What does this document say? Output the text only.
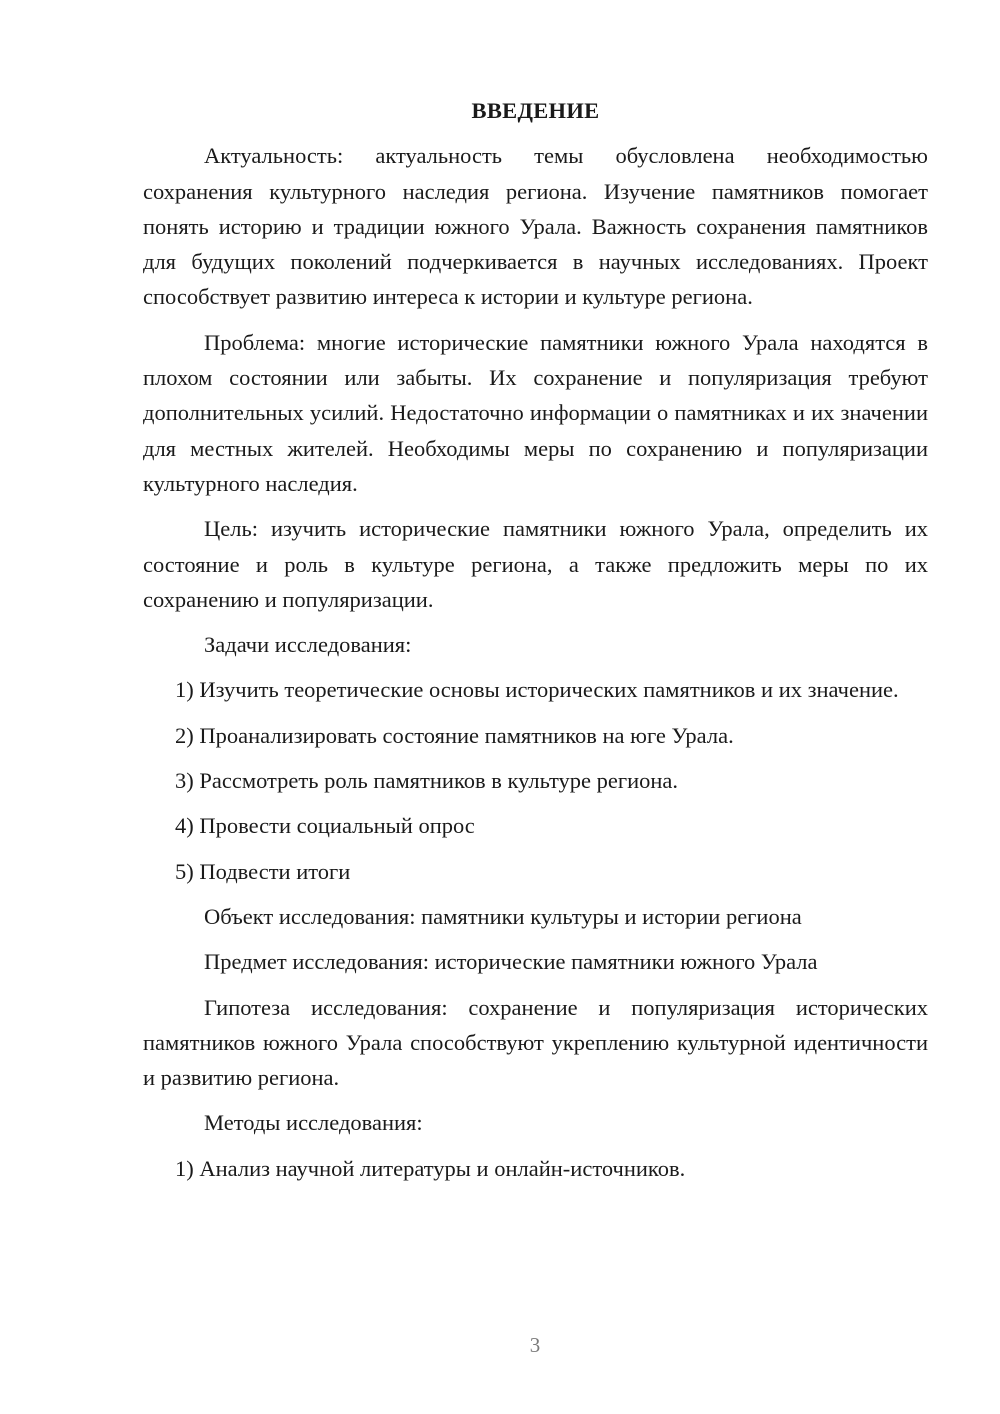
ВВЕДЕНИЕ
Актуальность: актуальность темы обусловлена необходимостью сохранения культурного наследия региона. Изучение памятников помогает понять историю и традиции южного Урала. Важность сохранения памятников для будущих поколений подчеркивается в научных исследованиях. Проект способствует развитию интереса к истории и культуре региона.
Проблема: многие исторические памятники южного Урала находятся в плохом состоянии или забыты. Их сохранение и популяризация требуют дополнительных усилий. Недостаточно информации о памятниках и их значении для местных жителей. Необходимы меры по сохранению и популяризации культурного наследия.
Цель: изучить исторические памятники южного Урала, определить их состояние и роль в культуре региона, а также предложить меры по их сохранению и популяризации.
Задачи исследования:
1) Изучить теоретические основы исторических памятников и их значение.
2) Проанализировать состояние памятников на юге Урала.
3) Рассмотреть роль памятников в культуре региона.
4) Провести социальный опрос
5) Подвести итоги
Объект исследования: памятники культуры и истории региона
Предмет исследования: исторические памятники южного Урала
Гипотеза исследования: сохранение и популяризация исторических памятников южного Урала способствуют укреплению культурной идентичности и развитию региона.
Методы исследования:
1) Анализ научной литературы и онлайн-источников.
3
